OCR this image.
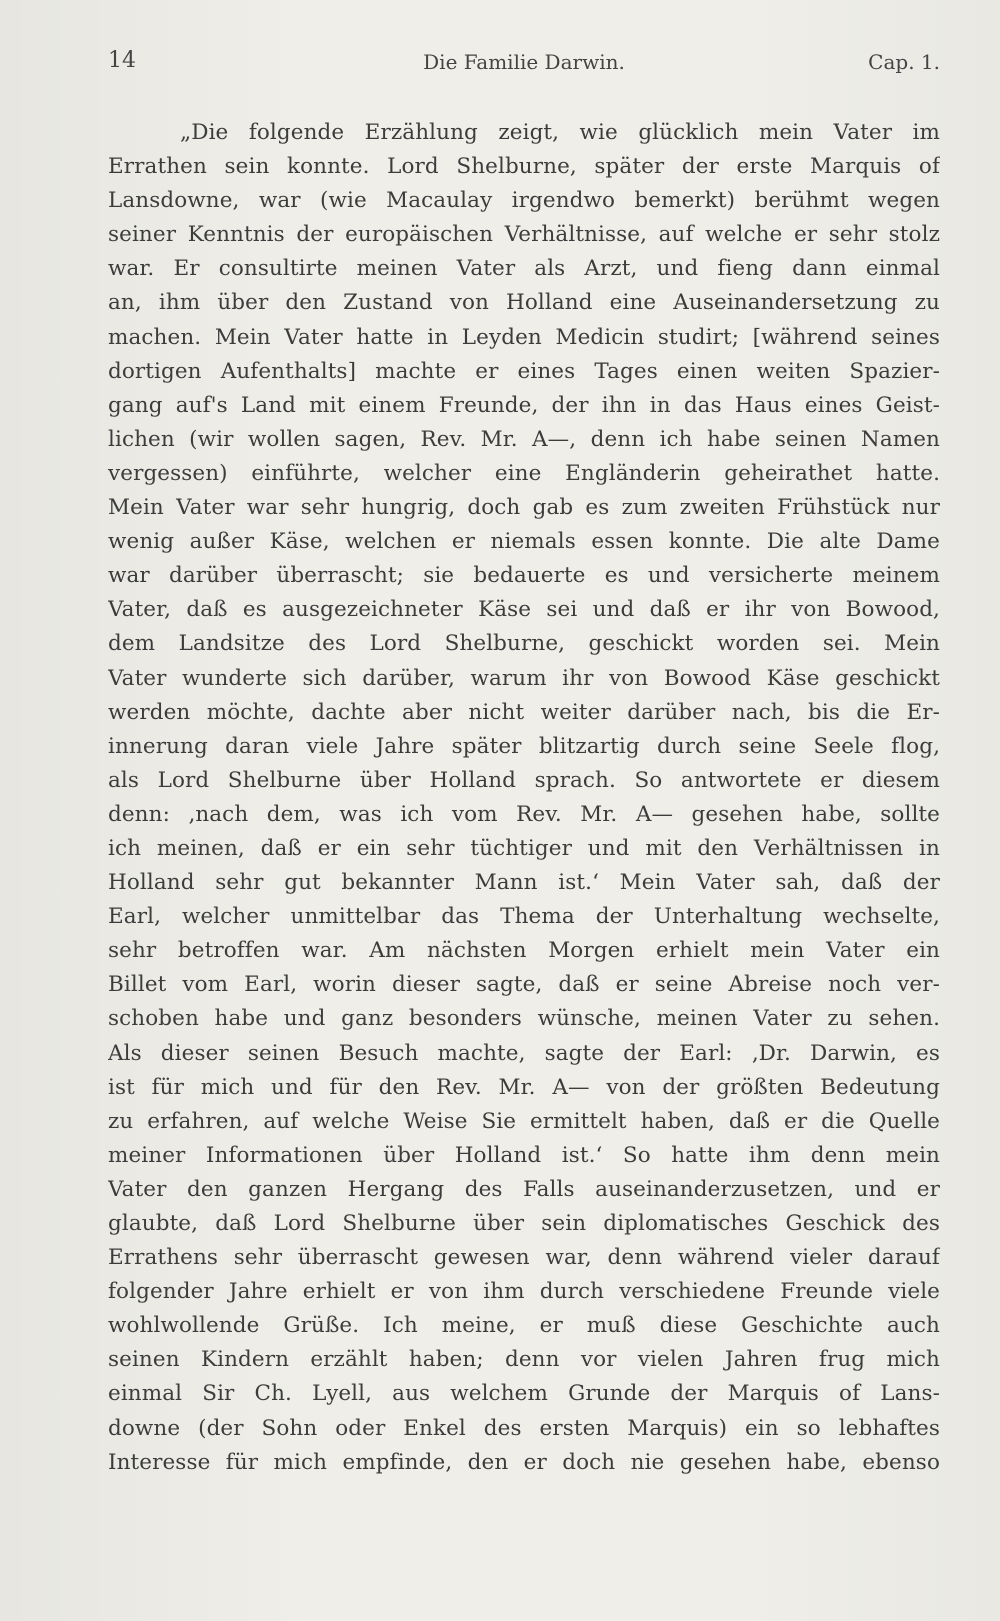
14	Die Familie Darwin.	Cap. 1.
„Die folgende Erzählung zeigt, wie glücklich mein Vater im
Errathen sein konnte. Lord Shelburne, später der erste Marquis of
Lansdowne, war (wie Macaulay irgendwo bemerkt) berühmt wegen
seiner Kenntnis der europäischen Verhältnisse, auf welche er sehr stolz
war. Er consultirte meinen Vater als Arzt, und fieng dann einmal
an, ihm über den Zustand von Holland eine Auseinandersetzung zu
machen. Mein Vater hatte in Leyden Medicin studirt; [während seines
dortigen Aufenthalts] machte er eines Tages einen weiten Spazier-
gang auf's Land mit einem Freunde, der ihn in das Haus eines Geist-
lichen (wir wollen sagen, Rev. Mr. A—, denn ich habe seinen Namen
vergessen) einführte, welcher eine Engländerin geheirathet hatte.
Mein Vater war sehr hungrig, doch gab es zum zweiten Frühstück nur
wenig außer Käse, welchen er niemals essen konnte. Die alte Dame
war darüber überrascht; sie bedauerte es und versicherte meinem
Vater, daß es ausgezeichneter Käse sei und daß er ihr von Bowood,
dem Landsitze des Lord Shelburne, geschickt worden sei. Mein
Vater wunderte sich darüber, warum ihr von Bowood Käse geschickt
werden möchte, dachte aber nicht weiter darüber nach, bis die Er-
innerung daran viele Jahre später blitzartig durch seine Seele flog,
als Lord Shelburne über Holland sprach. So antwortete er diesem
denn: ‚nach dem, was ich vom Rev. Mr. A— gesehen habe, sollte
ich meinen, daß er ein sehr tüchtiger und mit den Verhältnissen in
Holland sehr gut bekannter Mann ist.‘ Mein Vater sah, daß der
Earl, welcher unmittelbar das Thema der Unterhaltung wechselte,
sehr betroffen war. Am nächsten Morgen erhielt mein Vater ein
Billet vom Earl, worin dieser sagte, daß er seine Abreise noch ver-
schoben habe und ganz besonders wünsche, meinen Vater zu sehen.
Als dieser seinen Besuch machte, sagte der Earl: ‚Dr. Darwin, es
ist für mich und für den Rev. Mr. A— von der größten Bedeutung
zu erfahren, auf welche Weise Sie ermittelt haben, daß er die Quelle
meiner Informationen über Holland ist.‘ So hatte ihm denn mein
Vater den ganzen Hergang des Falls auseinanderzusetzen, und er
glaubte, daß Lord Shelburne über sein diplomatisches Geschick des
Errathens sehr überrascht gewesen war, denn während vieler darauf
folgender Jahre erhielt er von ihm durch verschiedene Freunde viele
wohlwollende Grüße. Ich meine, er muß diese Geschichte auch
seinen Kindern erzählt haben; denn vor vielen Jahren frug mich
einmal Sir Ch. Lyell, aus welchem Grunde der Marquis of Lans-
downe (der Sohn oder Enkel des ersten Marquis) ein so lebhaftes
Interesse für mich empfinde, den er doch nie gesehen habe, ebenso
